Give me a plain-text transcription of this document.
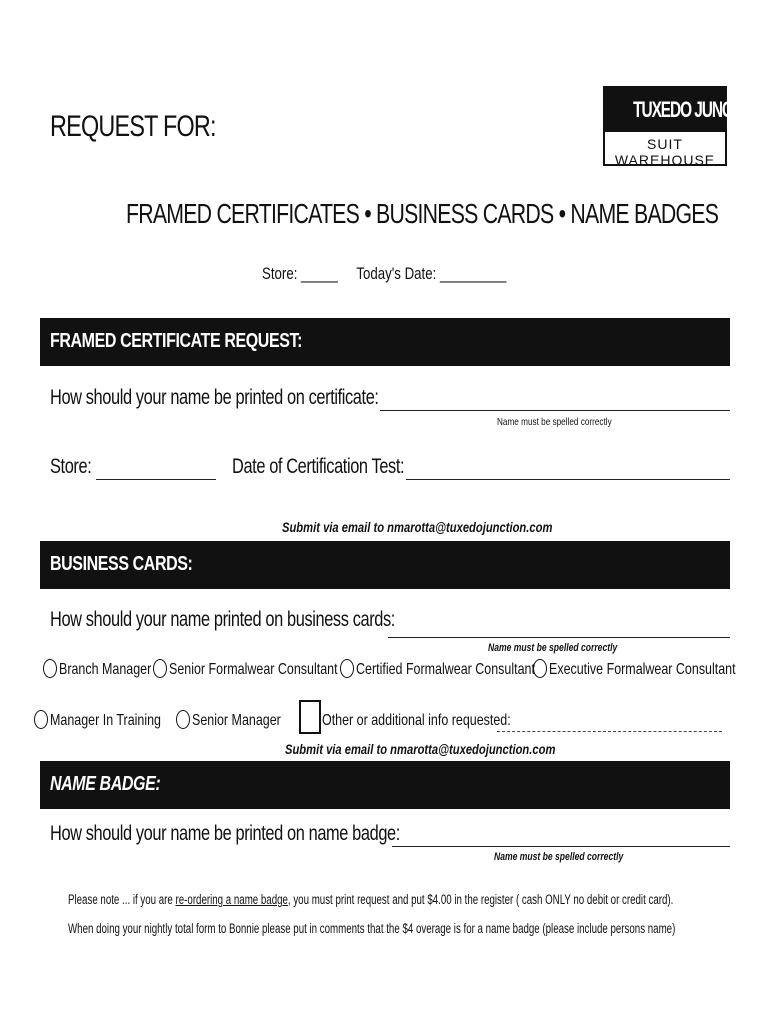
REQUEST FOR:
TUXEDO JUNCTION
SUIT WAREHOUSE
FRAMED CERTIFICATES • BUSINESS CARDS • NAME BADGES
Store: _____ Today's Date: _________
FRAMED CERTIFICATE REQUEST:
How should your name be printed on certificate:
Name must be spelled correctly
Store:	Date of Certification Test:
Submit via email to nmarotta@tuxedojunction.com
BUSINESS CARDS:
How should your name printed on business cards:
Name must be spelled correctly
Branch Manager	Senior Formalwear Consultant	Certified Formalwear Consultant Executive Formalwear Consultant
Manager In Training	Senior Manager	Other or additional info requested:
Submit via email to nmarotta@tuxedojunction.com
NAME BADGE:
How should your name be printed on name badge:
Name must be spelled correctly
Please note ... if you are re-ordering a name badge, you must print request and put $4.00 in the register ( cash ONLY no debit or credit card).
When doing your nightly total form to Bonnie please put in comments that the $4 overage is for a name badge (please include persons name)
